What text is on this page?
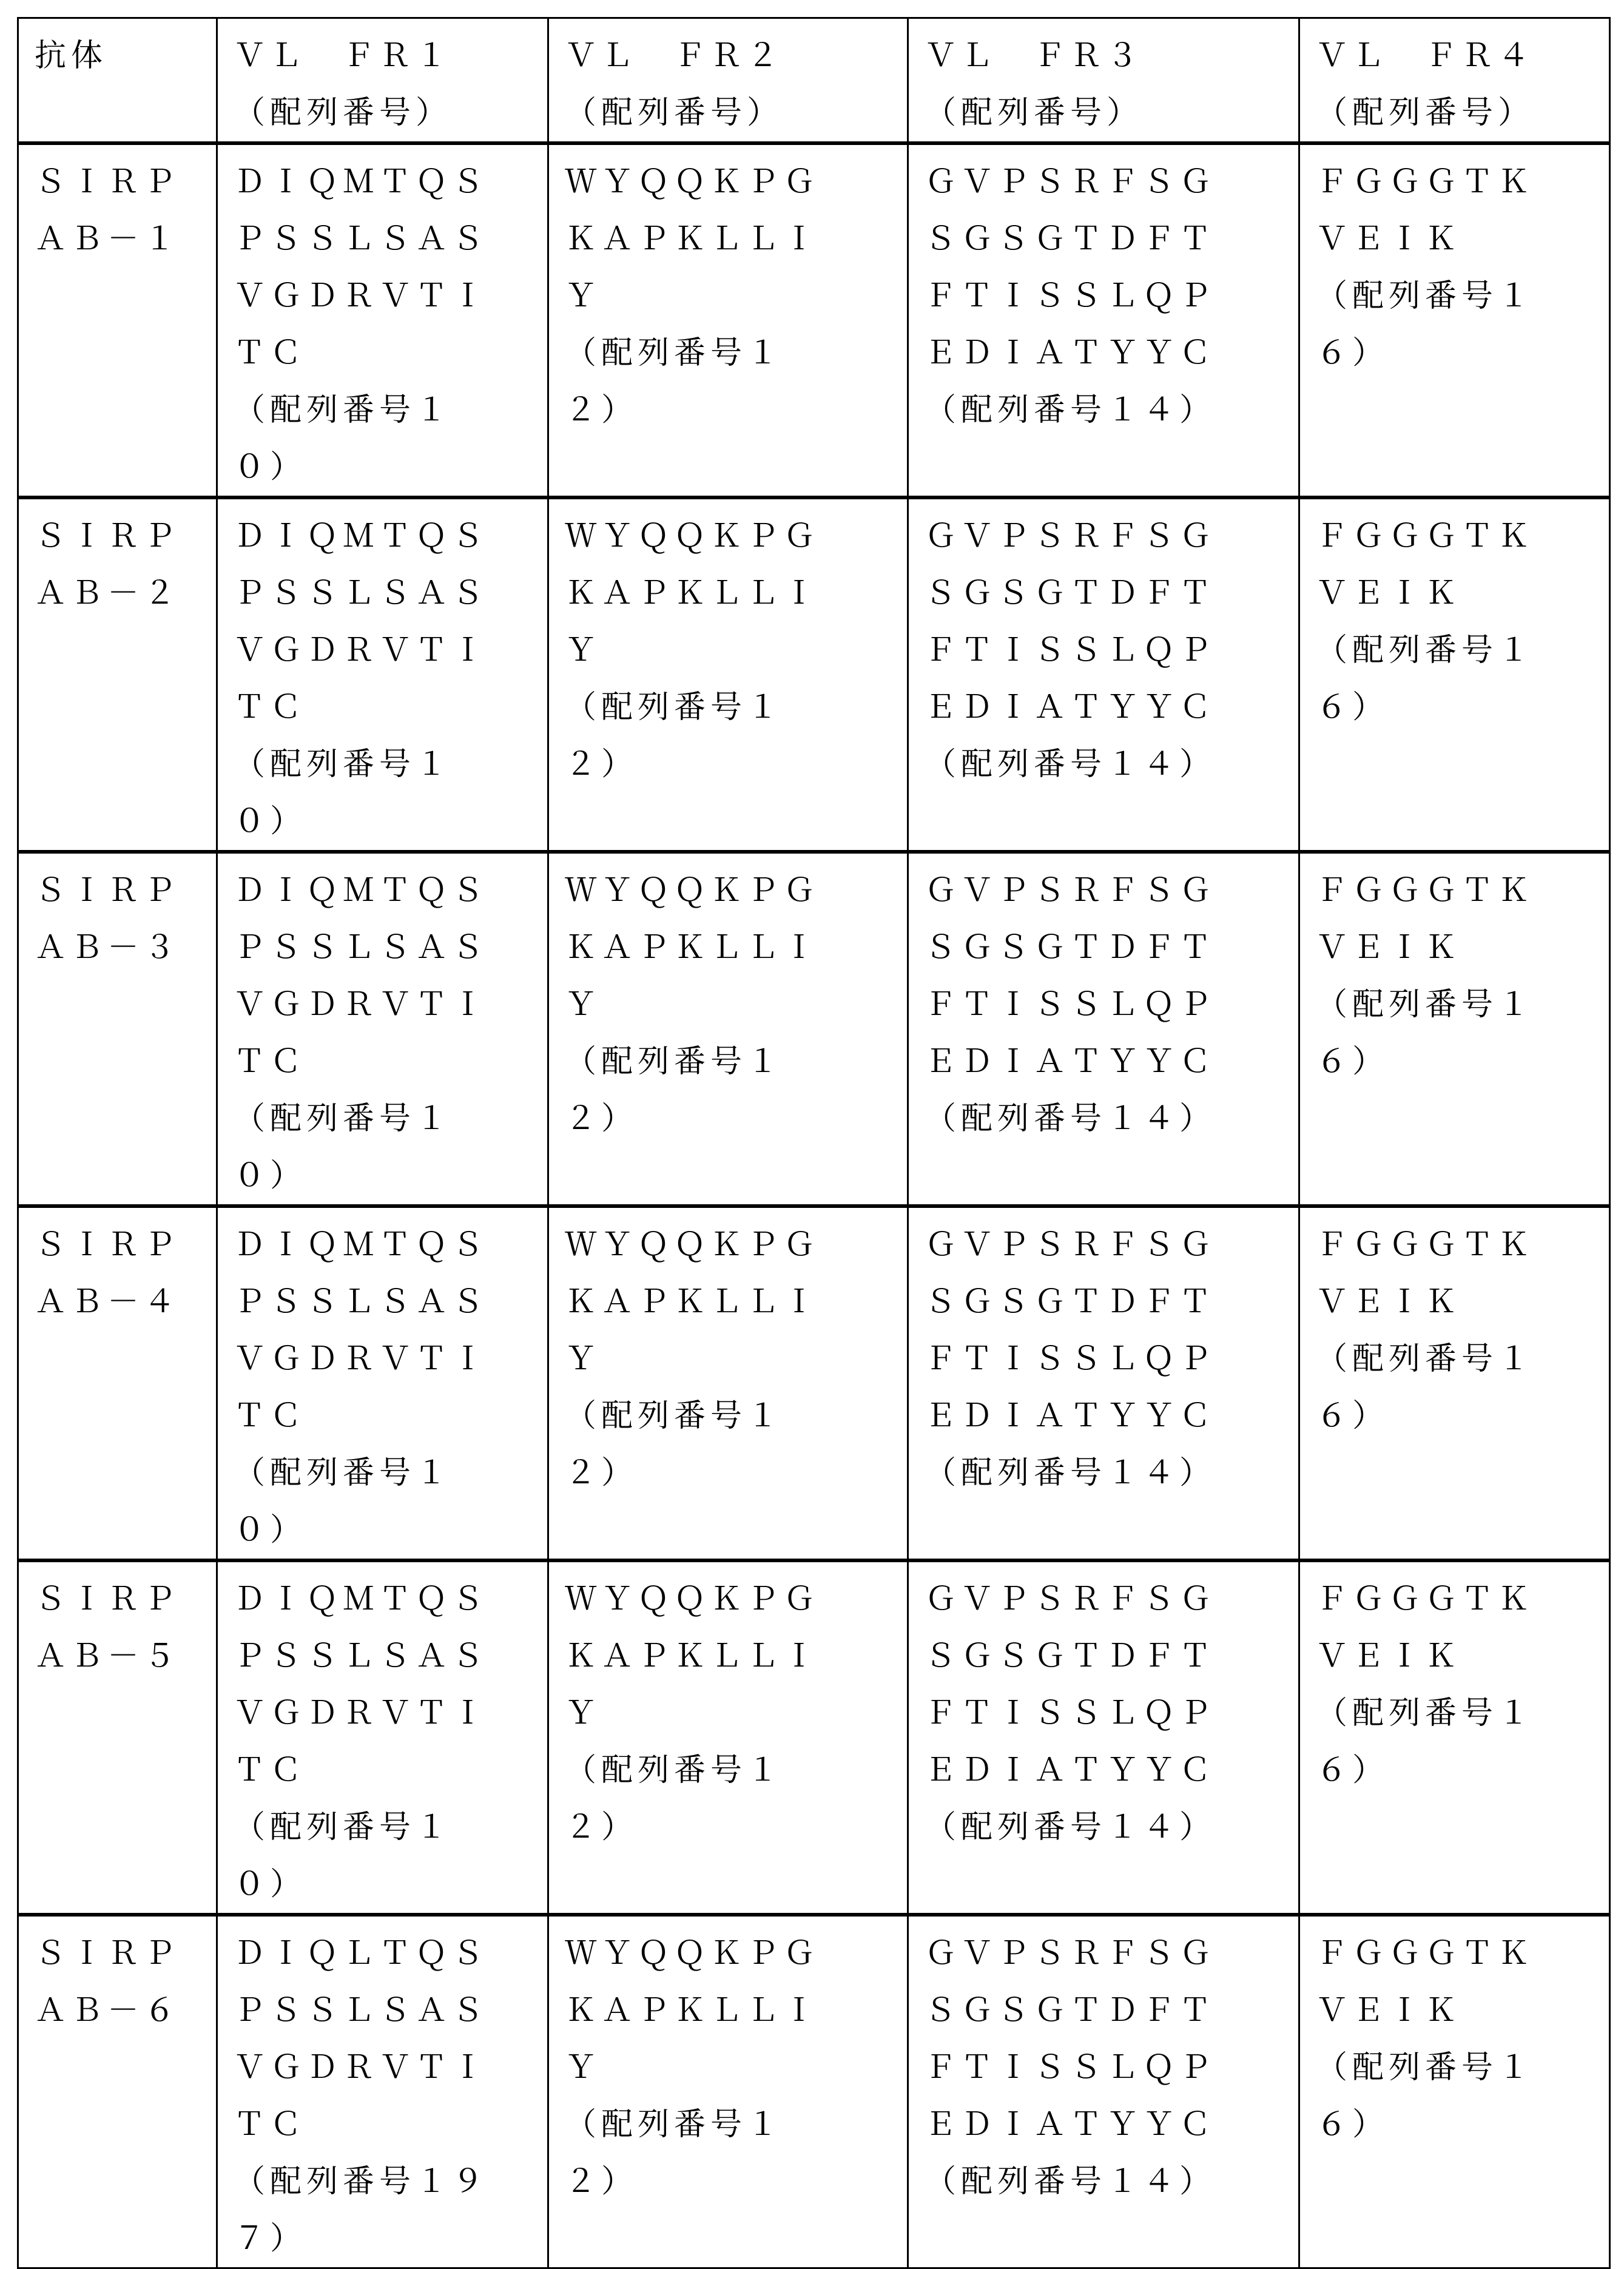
抗体	ＶＬ　ＦＲ１
（配列番号）

ＶＬ　ＦＲ２
（配列番号）

ＶＬ　ＦＲ３
（配列番号）

ＶＬ　ＦＲ４
（配列番号）

ＳＩＲＰ
ＡＢ－１

ＤＩＱＭＴＱＳ
ＰＳＳＬＳＡＳ
ＶＧＤＲＶＴＩ
ＴＣ
（配列番号１
０）

ＷＹＱＱＫＰＧ
ＫＡＰＫＬＬＩ
Ｙ
（配列番号１
２）

ＧＶＰＳＲＦＳＧ
ＳＧＳＧＴＤＦＴ
ＦＴＩＳＳＬＱＰ
ＥＤＩＡＴＹＹＣ
（配列番号１４）

ＦＧＧＧＴＫ
ＶＥＩＫ
（配列番号１
６）

ＳＩＲＰ
ＡＢ－２

ＤＩＱＭＴＱＳ
ＰＳＳＬＳＡＳ
ＶＧＤＲＶＴＩ
ＴＣ
（配列番号１
０）

ＷＹＱＱＫＰＧ
ＫＡＰＫＬＬＩ
Ｙ
（配列番号１
２）

ＧＶＰＳＲＦＳＧ
ＳＧＳＧＴＤＦＴ
ＦＴＩＳＳＬＱＰ
ＥＤＩＡＴＹＹＣ
（配列番号１４）

ＦＧＧＧＴＫ
ＶＥＩＫ
（配列番号１
６）

ＳＩＲＰ
ＡＢ－３

ＤＩＱＭＴＱＳ
ＰＳＳＬＳＡＳ
ＶＧＤＲＶＴＩ
ＴＣ
（配列番号１
０）

ＷＹＱＱＫＰＧ
ＫＡＰＫＬＬＩ
Ｙ
（配列番号１
２）

ＧＶＰＳＲＦＳＧ
ＳＧＳＧＴＤＦＴ
ＦＴＩＳＳＬＱＰ
ＥＤＩＡＴＹＹＣ
（配列番号１４）

ＦＧＧＧＴＫ
ＶＥＩＫ
（配列番号１
６）

ＳＩＲＰ
ＡＢ－４

ＤＩＱＭＴＱＳ
ＰＳＳＬＳＡＳ
ＶＧＤＲＶＴＩ
ＴＣ
（配列番号１
０）

ＷＹＱＱＫＰＧ
ＫＡＰＫＬＬＩ
Ｙ
（配列番号１
２）

ＧＶＰＳＲＦＳＧ
ＳＧＳＧＴＤＦＴ
ＦＴＩＳＳＬＱＰ
ＥＤＩＡＴＹＹＣ
（配列番号１４）

ＦＧＧＧＴＫ
ＶＥＩＫ
（配列番号１
６）

ＳＩＲＰ
ＡＢ－５

ＤＩＱＭＴＱＳ
ＰＳＳＬＳＡＳ
ＶＧＤＲＶＴＩ
ＴＣ
（配列番号１
０）

ＷＹＱＱＫＰＧ
ＫＡＰＫＬＬＩ
Ｙ
（配列番号１
２）

ＧＶＰＳＲＦＳＧ
ＳＧＳＧＴＤＦＴ
ＦＴＩＳＳＬＱＰ
ＥＤＩＡＴＹＹＣ
（配列番号１４）

ＦＧＧＧＴＫ
ＶＥＩＫ
（配列番号１
６）

ＳＩＲＰ
ＡＢ－６

ＤＩＱＬＴＱＳ
ＰＳＳＬＳＡＳ
ＶＧＤＲＶＴＩ
ＴＣ
（配列番号１９
７）

ＷＹＱＱＫＰＧ
ＫＡＰＫＬＬＩ
Ｙ
（配列番号１
２）

ＧＶＰＳＲＦＳＧ
ＳＧＳＧＴＤＦＴ
ＦＴＩＳＳＬＱＰ
ＥＤＩＡＴＹＹＣ
（配列番号１４）

ＦＧＧＧＴＫ
ＶＥＩＫ
（配列番号１
６）
